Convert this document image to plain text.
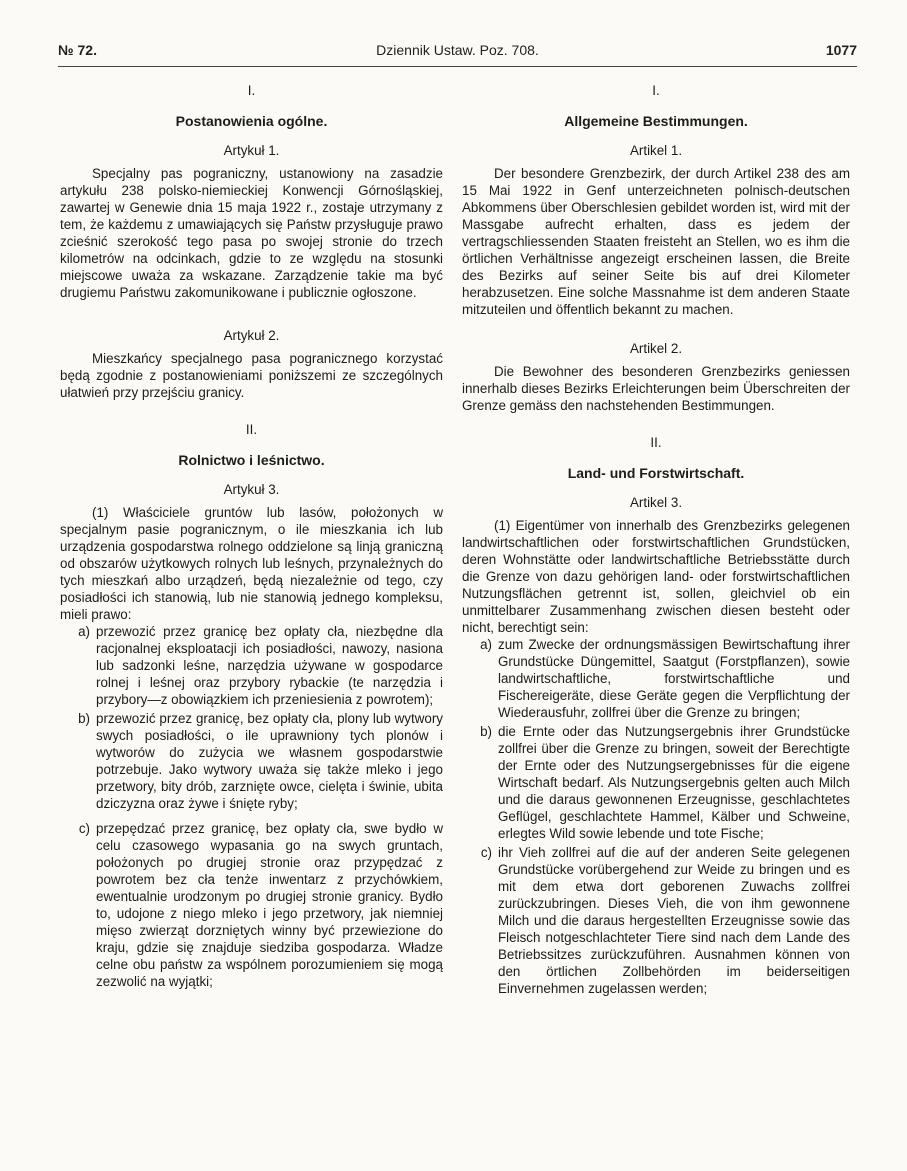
№ 72.	Dziennik Ustaw. Poz. 708.	1077
I.
Postanowienia ogólne.
Artykuł 1.

Specjalny pas pograniczny, ustanowiony na zasadzie artykułu 238 polsko-niemieckiej Konwencji Górnośląskiej, zawartej w Genewie dnia 15 maja 1922 r., zostaje utrzymany z tem, że każdemu z umawiających się Państw przysługuje prawo zcieśnić szerokość tego pasa po swojej stronie do trzech kilometrów na odcinkach, gdzie to ze względu na stosunki miejscowe uważa za wskazane. Zarządzenie takie ma być drugiemu Państwu zakomunikowane i publicznie ogłoszone.

Artykuł 2.

Mieszkańcy specjalnego pasa pogranicznego korzystać będą zgodnie z postanowieniami poniższemi ze szczególnych ułatwień przy przejściu granicy.

II.
Rolnictwo i leśnictwo.
Artykuł 3.

(1) Właściciele gruntów lub lasów, położonych w specjalnym pasie pogranicznym, o ile mieszkania ich lub urządzenia gospodarstwa rolnego oddzielone są linją graniczną od obszarów użytkowych rolnych lub leśnych, przynależnych do tych mieszkań albo urządzeń, będą niezależnie od tego, czy posiadłości ich stanowią, lub nie stanowią jednego kompleksu, mieli prawo:

a) przewozić przez granicę bez opłaty cła, niezbędne dla racjonalnej eksploatacji ich posiadłości, nawozy, nasiona lub sadzonki leśne, narzędzia używane w gospodarce rolnej i leśnej oraz przybory rybackie (te narzędzia i przybory—z obowiązkiem ich przeniesienia z powrotem);
b) przewozić przez granicę, bez opłaty cła, plony lub wytwory swych posiadłości, o ile uprawniony tych plonów i wytworów do zużycia we własnem gospodarstwie potrzebuje. Jako wytwory uważa się także mleko i jego przetwory, bity drób, zarznięte owce, cielęta i świnie, ubita dziczyzna oraz żywe i śnięte ryby;
c) przepędzać przez granicę, bez opłaty cła, swe bydło w celu czasowego wypasania go na swych gruntach, położonych po drugiej stronie oraz przypędzać z powrotem bez cła tenże inwentarz z przychówkiem, ewentualnie urodzonym po drugiej stronie granicy. Bydło to, udojone z niego mleko i jego przetwory, jak niemniej mięso zwierząt dorzniętych winny być przewiezione do kraju, gdzie się znajduje siedziba gospodarza. Władze celne obu państw za wspólnem porozumieniem się mogą zezwolić na wyjątki;
I.
Allgemeine Bestimmungen.
Artikel 1.

Der besondere Grenzbezirk, der durch Artikel 238 des am 15 Mai 1922 in Genf unterzeichneten polnisch-deutschen Abkommens über Oberschlesien gebildet worden ist, wird mit der Massgabe aufrecht erhalten, dass es jedem der vertragschliessenden Staaten freisteht an Stellen, wo es ihm die örtlichen Verhältnisse angezeigt erscheinen lassen, die Breite des Bezirks auf seiner Seite bis auf drei Kilometer herabzusetzen. Eine solche Massnahme ist dem anderen Staate mitzuteilen und öffentlich bekannt zu machen.

Artikel 2.

Die Bewohner des besonderen Grenzbezirks geniessen innerhalb dieses Bezirks Erleichterungen beim Überschreiten der Grenze gemäss den nachstehenden Bestimmungen.

II.
Land- und Forstwirtschaft.
Artikel 3.

(1) Eigentümer von innerhalb des Grenzbezirks gelegenen landwirtschaftlichen oder forstwirtschaftlichen Grundstücken, deren Wohnstätte oder landwirtschaftliche Betriebsstätte durch die Grenze von dazu gehörigen land- oder forstwirtschaftlichen Nutzungsflächen getrennt ist, sollen, gleichviel ob ein unmittelbarer Zusammenhang zwischen diesen besteht oder nicht, berechtigt sein:

a) zum Zwecke der ordnungsmässigen Bewirtschaftung ihrer Grundstücke Düngemittel, Saatgut (Forstpflanzen), sowie landwirtschaftliche, forstwirtschaftliche und Fischereigeräte, diese Geräte gegen die Verpflichtung der Wiederausfuhr, zollfrei über die Grenze zu bringen;
b) die Ernte oder das Nutzungsergebnis ihrer Grundstücke zollfrei über die Grenze zu bringen, soweit der Berechtigte der Ernte oder des Nutzungsergebnisses für die eigene Wirtschaft bedarf. Als Nutzungsergebnis gelten auch Milch und die daraus gewonnenen Erzeugnisse, geschlachtetes Geflügel, geschlachtete Hammel, Kälber und Schweine, erlegtes Wild sowie lebende und tote Fische;
c) ihr Vieh zollfrei auf die auf der anderen Seite gelegenen Grundstücke vorübergehend zur Weide zu bringen und es mit dem etwa dort geborenen Zuwachs zollfrei zurückzubringen. Dieses Vieh, die von ihm gewonnene Milch und die daraus hergestellten Erzeugnisse sowie das Fleisch notgeschlachteter Tiere sind nach dem Lande des Betriebssitzes zurückzuführen. Ausnahmen können von den örtlichen Zollbehörden im beiderseitigen Einvernehmen zugelassen werden;
